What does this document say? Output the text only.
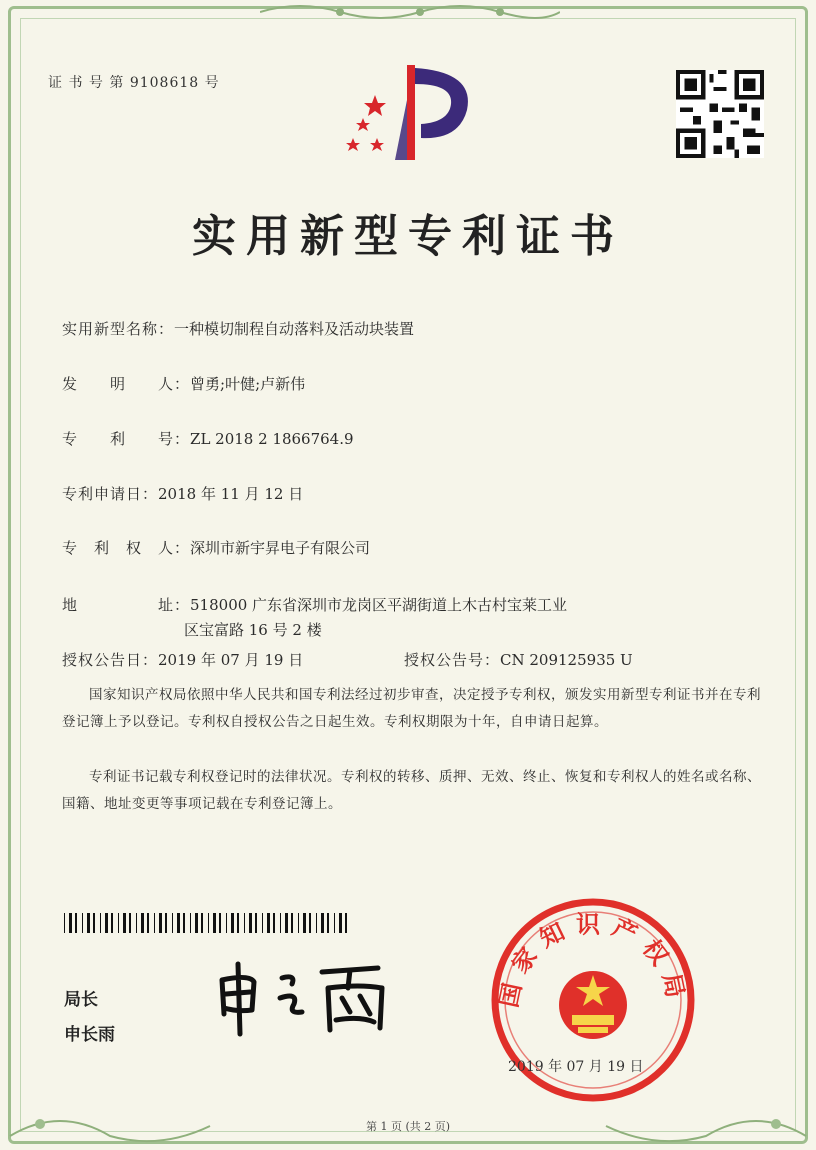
证 书 号 第 9108618 号
实用新型专利证书
实用新型名称：一种模切制程自动落料及活动块装置
发　　明　　人：曾勇;叶健;卢新伟
专　　利　　号：ZL 2018 2 1866764.9
专利申请日：2018 年 11 月 12 日
专　利　权　人：深圳市新宇昇电子有限公司
地　　　　　址：518000 广东省深圳市龙岗区平湖街道上木古村宝莱工业
区宝富路 16 号 2 楼
授权公告日：2019 年 07 月 19 日	授权公告号：CN 209125935 U
国家知识产权局依照中华人民共和国专利法经过初步审查，决定授予专利权，颁发实用新型专利证书并在专利登记簿上予以登记。专利权自授权公告之日起生效。专利权期限为十年，自申请日起算。
专利证书记载专利权登记时的法律状况。专利权的转移、质押、无效、终止、恢复和专利权人的姓名或名称、国籍、地址变更等事项记载在专利登记簿上。
局长
申长雨
国家知识产权局
2019 年 07 月 19 日
第 1 页 (共 2 页)
